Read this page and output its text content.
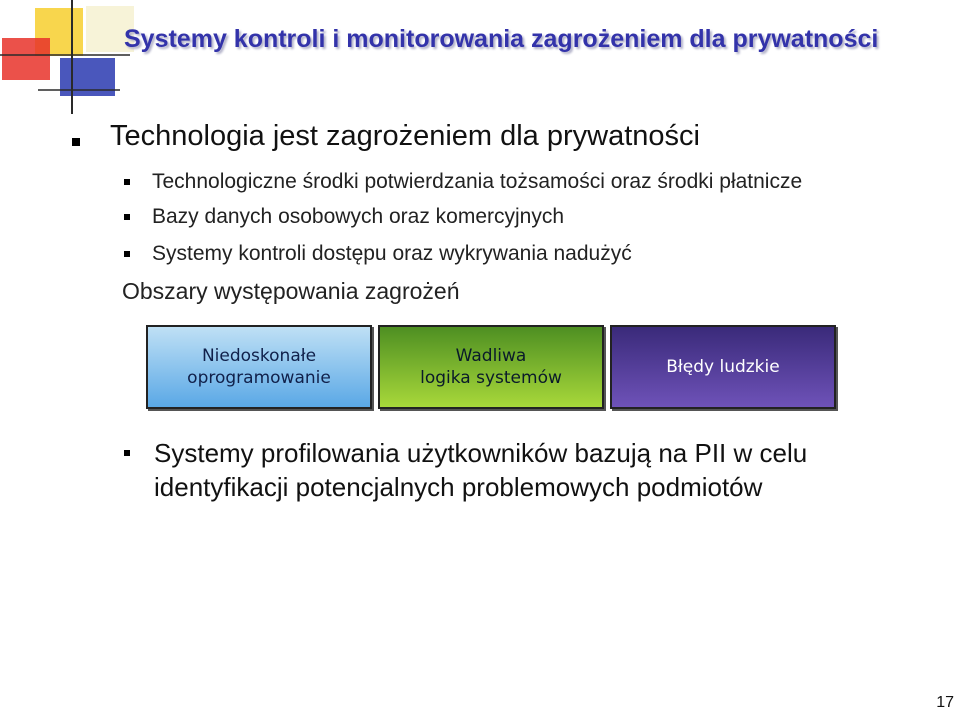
Systemy kontroli i monitorowania zagrożeniem dla prywatności
Technologia jest zagrożeniem dla prywatności
Technologiczne środki potwierdzania tożsamości oraz środki płatnicze
Bazy danych osobowych oraz komercyjnych
Systemy kontroli dostępu oraz wykrywania nadużyć
Obszary występowania zagrożeń
Niedoskonałe
oprogramowanie
Wadliwa
logika systemów
Błędy ludzkie
Systemy profilowania użytkowników bazują na PII w celu identyfikacji potencjalnych problemowych podmiotów
17
